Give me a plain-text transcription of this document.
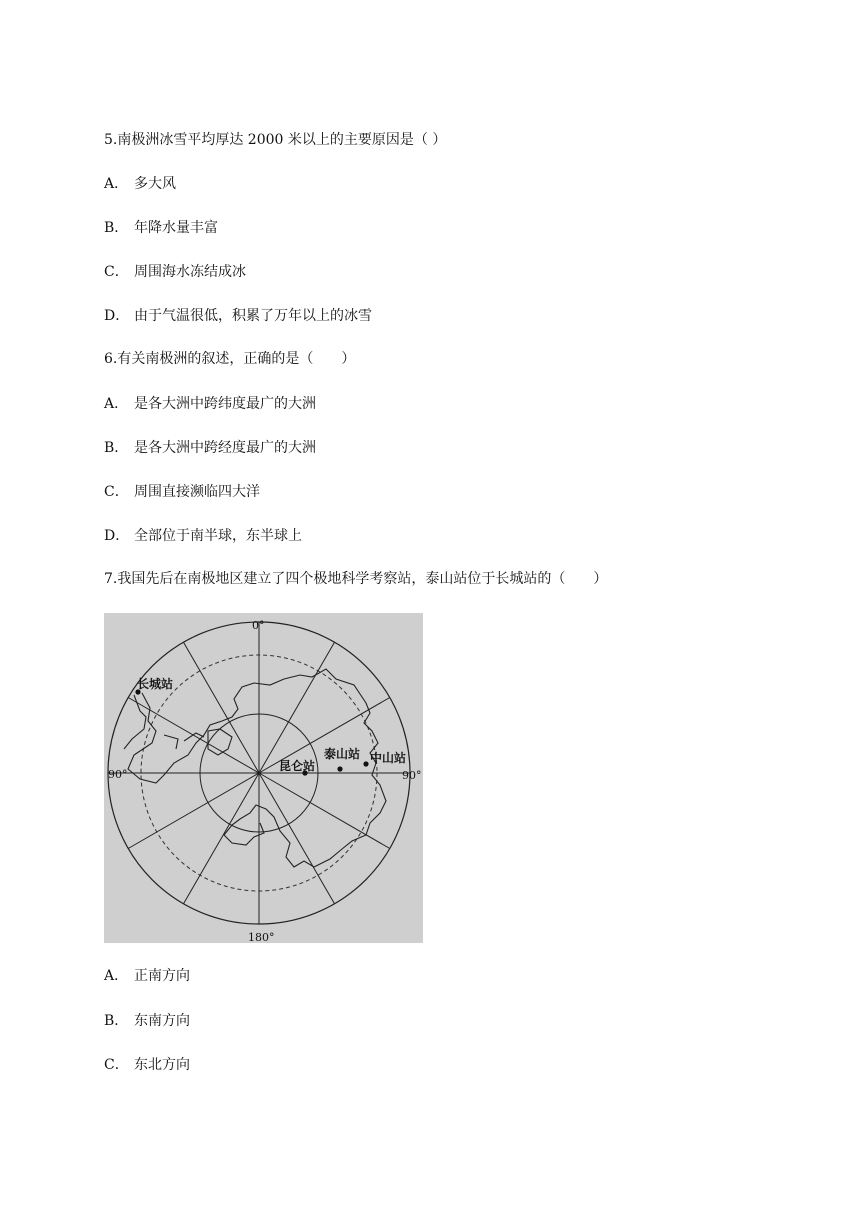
5.南极洲冰雪平均厚达 2000 米以上的主要原因是（ ）
A． 多大风
B． 年降水量丰富
C． 周围海水冻结成冰
D． 由于气温很低，积累了万年以上的冰雪
6.有关南极洲的叙述，正确的是（　　）
A． 是各大洲中跨纬度最广的大洲
B． 是各大洲中跨经度最广的大洲
C． 周围直接濒临四大洋
D． 全部位于南半球，东半球上
7.我国先后在南极地区建立了四个极地科学考察站，泰山站位于长城站的（　　）
长城站
昆仑站
泰山站 中山站
0°
180°
90°	90°
A． 正南方向
B． 东南方向
C． 东北方向
